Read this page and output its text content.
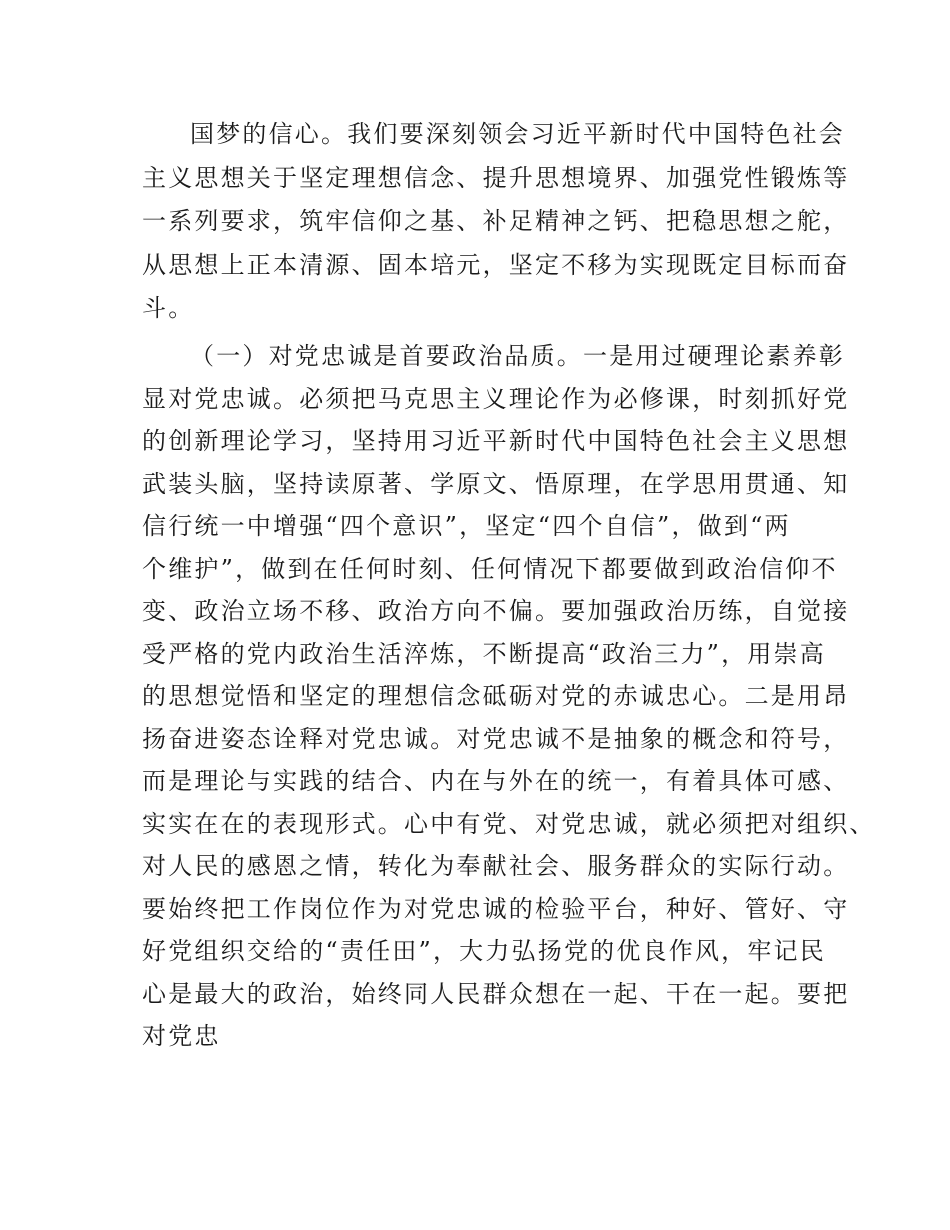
国梦的信心。我们要深刻领会习近平新时代中国特色社会
主义思想关于坚定理想信念、提升思想境界、加强党性锻炼等
一系列要求，筑牢信仰之基、补足精神之钙、把稳思想之舵，
从思想上正本清源、固本培元，坚定不移为实现既定目标而奋
斗。
（一）对党忠诚是首要政治品质。一是用过硬理论素养彰
显对党忠诚。必须把马克思主义理论作为必修课，时刻抓好党
的创新理论学习，坚持用习近平新时代中国特色社会主义思想
武装头脑，坚持读原著、学原文、悟原理，在学思用贯通、知
信行统一中增强“四个意识”，坚定“四个自信”，做到“两
个维护”，做到在任何时刻、任何情况下都要做到政治信仰不
变、政治立场不移、政治方向不偏。要加强政治历练，自觉接
受严格的党内政治生活淬炼，不断提高“政治三力”，用崇高
的思想觉悟和坚定的理想信念砥砺对党的赤诚忠心。二是用昂
扬奋进姿态诠释对党忠诚。对党忠诚不是抽象的概念和符号，
而是理论与实践的结合、内在与外在的统一，有着具体可感、
实实在在的表现形式。心中有党、对党忠诚，就必须把对组织、
对人民的感恩之情，转化为奉献社会、服务群众的实际行动。
要始终把工作岗位作为对党忠诚的检验平台，种好、管好、守
好党组织交给的“责任田”，大力弘扬党的优良作风，牢记民
心是最大的政治，始终同人民群众想在一起、干在一起。要把
对党忠
